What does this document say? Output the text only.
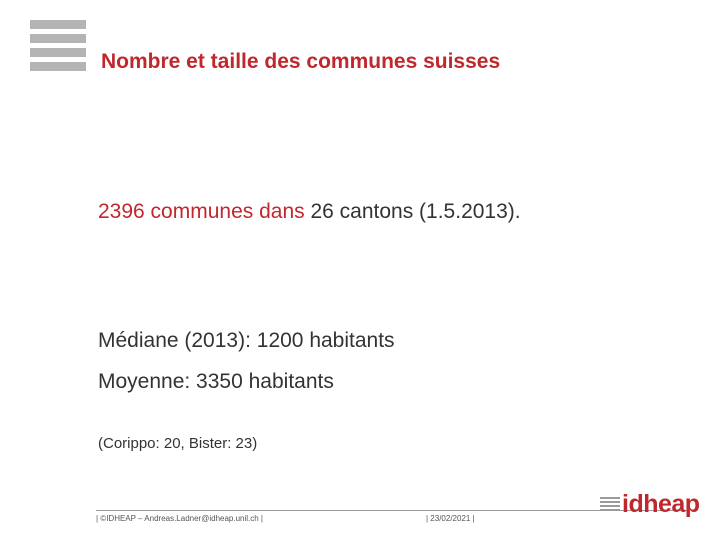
Nombre et taille des communes suisses
2396 communes dans 26 cantons (1.5.2013).
Médiane (2013): 1200 habitants
Moyenne: 3350 habitants
(Corippo: 20, Bister: 23)
| ©IDHEAP – Andreas.Ladner@idheap.unil.ch |	| 23/02/2021 |
idheap
